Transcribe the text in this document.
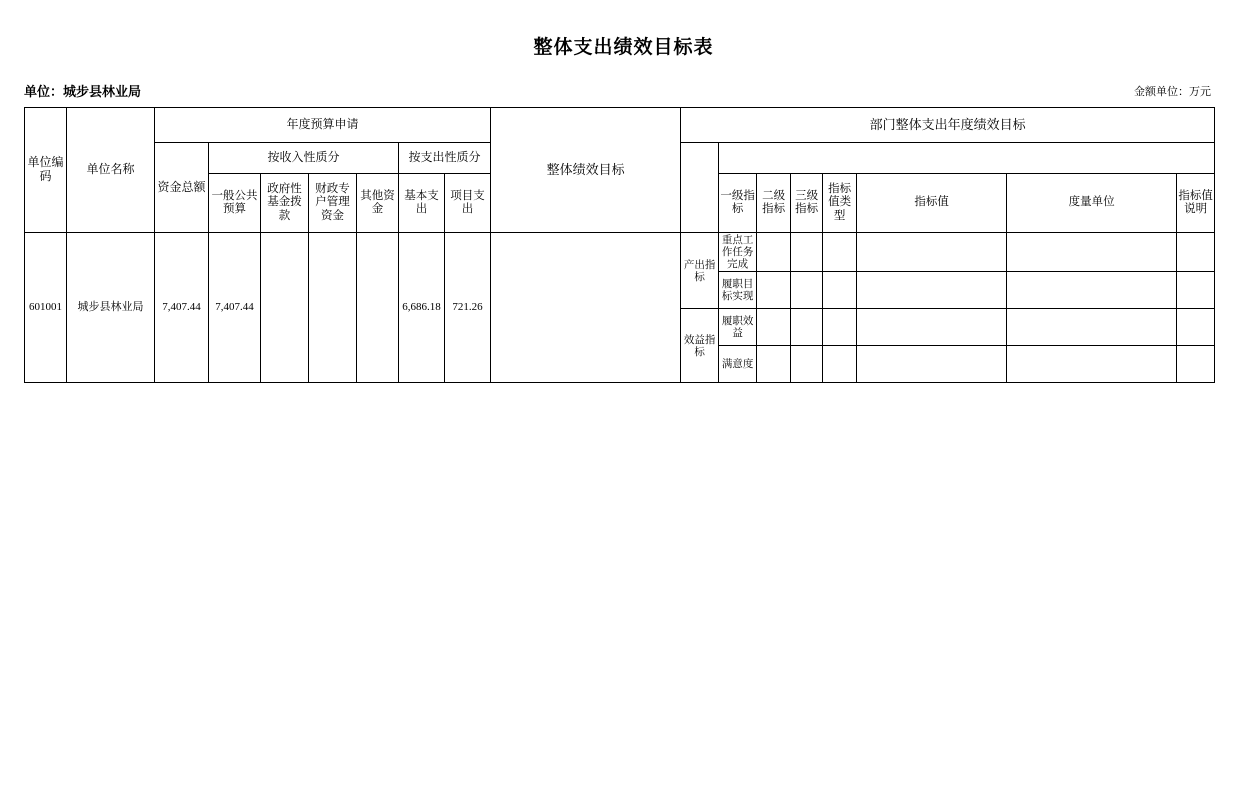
整体支出绩效目标表
单位：城步县林业局	金额单位：万元
单位编码	单位名称	年度预算申请							整体绩效目标	部门整体支出年度绩效目标								
		资金总额	按收入性质分				按支出性质分											
			一般公共预算	政府性基金拨款	财政专户管理资金	其他资金	基本支出	项目支出										
											一级指标	二级指标	三级指标	指标值类型	指标值	度量单位	指标值说明	
601001	城步县林业局	7,407.44	7,407.44				6,686.18	721.26		产出指标	重点工作任务完成							
											履职目标实现							
										效益指标	履职效益							
											满意度							
